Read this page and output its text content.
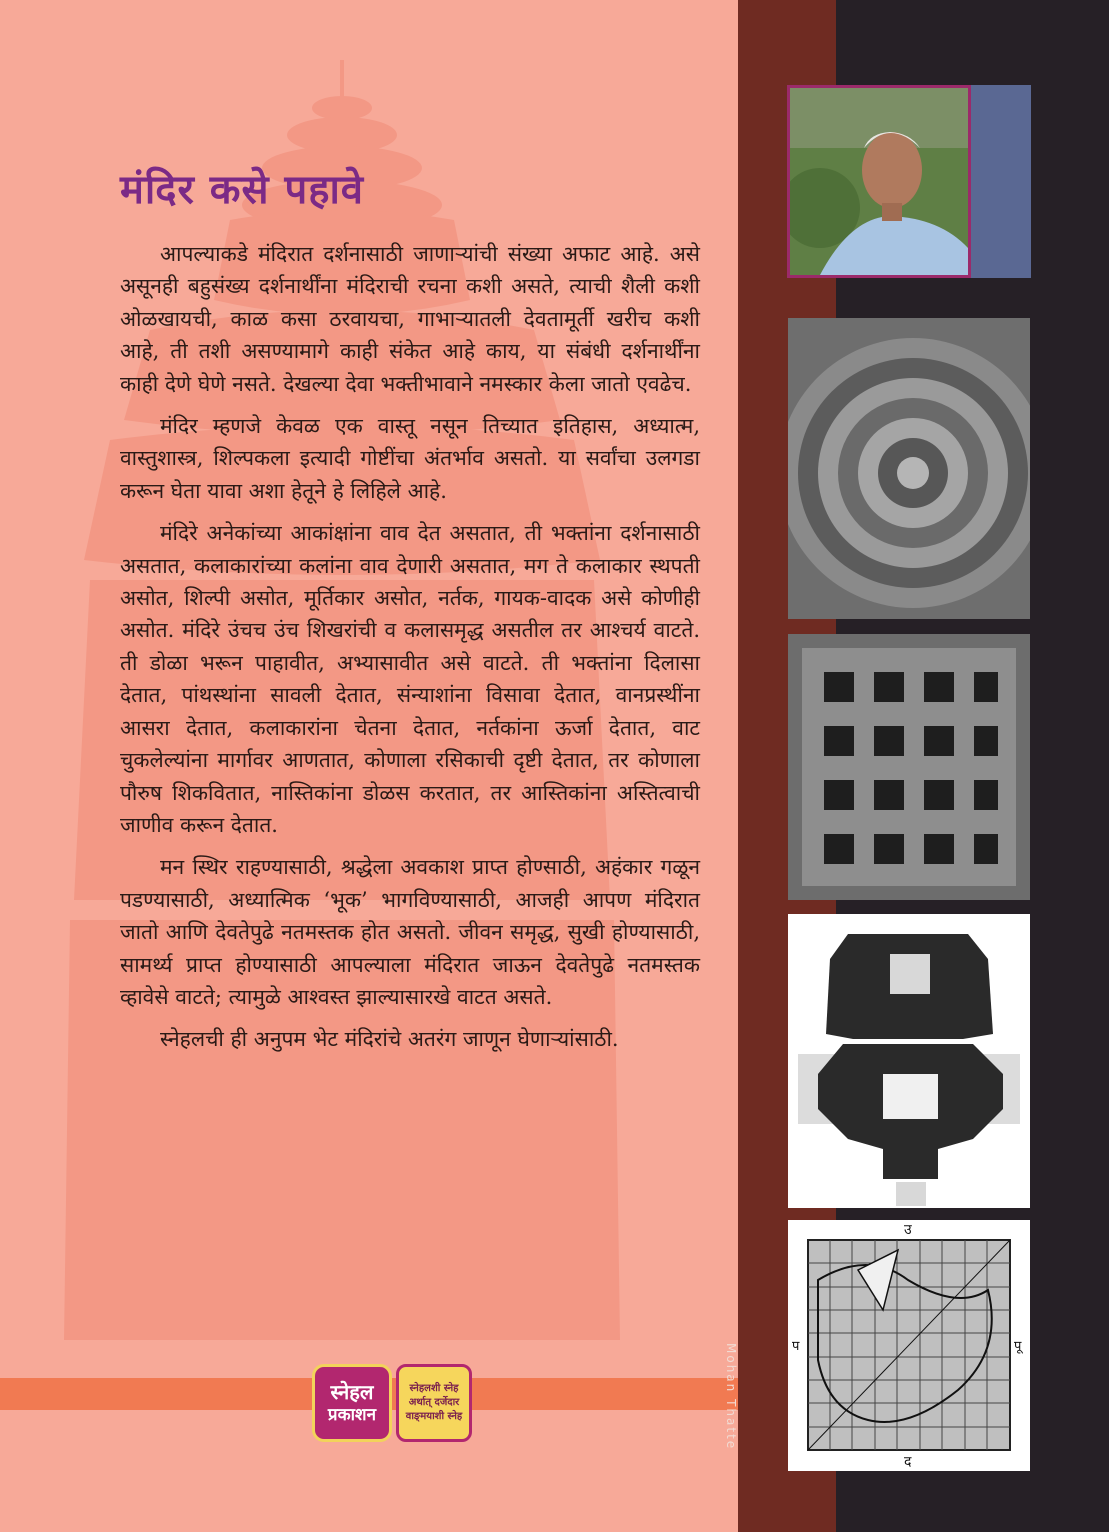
मंदिर कसे पहावे

आपल्याकडे मंदिरात दर्शनासाठी जाणाऱ्यांची संख्या अफाट आहे. असे असूनही बहुसंख्य दर्शनार्थींना मंदिराची रचना कशी असते, त्याची शैली कशी ओळखायची, काळ कसा ठरवायचा, गाभाऱ्यातली देवतामूर्ती खरीच कशी आहे, ती तशी असण्यामागे काही संकेत आहे काय, या संबंधी दर्शनार्थींना काही देणे घेणे नसते. देखल्या देवा भक्तीभावाने नमस्कार केला जातो एवढेच.

मंदिर म्हणजे केवळ एक वास्तू नसून तिच्यात इतिहास, अध्यात्म, वास्तुशास्त्र, शिल्पकला इत्यादी गोष्टींचा अंतर्भाव असतो. या सर्वांचा उलगडा करून घेता यावा अशा हेतूने हे लिहिले आहे.

मंदिरे अनेकांच्या आकांक्षांना वाव देत असतात, ती भक्तांना दर्शनासाठी असतात, कलाकारांच्या कलांना वाव देणारी असतात, मग ते कलाकार स्थपती असोत, शिल्पी असोत, मूर्तिकार असोत, नर्तक, गायक-वादक असे कोणीही असोत. मंदिरे उंचच उंच शिखरांची व कलासमृद्ध असतील तर आश्चर्य वाटते. ती डोळा भरून पाहावीत, अभ्यासावीत असे वाटते. ती भक्तांना दिलासा देतात, पांथस्थांना सावली देतात, संन्याशांना विसावा देतात, वानप्रस्थींना आसरा देतात, कलाकारांना चेतना देतात, नर्तकांना ऊर्जा देतात, वाट चुकलेल्यांना मार्गावर आणतात, कोणाला रसिकाची दृष्टी देतात, तर कोणाला पौरुष शिकवितात, नास्तिकांना डोळस करतात, तर आस्तिकांना अस्तित्वाची जाणीव करून देतात.

मन स्थिर राहण्यासाठी, श्रद्धेला अवकाश प्राप्त होण्साठी, अहंकार गळून पडण्यासाठी, अध्यात्मिक ‘भूक’ भागविण्यासाठी, आजही आपण मंदिरात जातो आणि देवतेपुढे नतमस्तक होत असतो. जीवन समृद्ध, सुखी होण्यासाठी, सामर्थ्य प्राप्त होण्यासाठी आपल्याला मंदिरात जाऊन देवतेपुढे नतमस्तक व्हावेसे वाटते; त्यामुळे आश्वस्त झाल्यासारखे वाटत असते.

स्नेहलची ही अनुपम भेट मंदिरांचे अतरंग जाणून घेणाऱ्यांसाठी.

स्नेहल
प्रकाशन
स्नेहलशी स्नेह
अर्थात् दर्जेदार
वाङ्‌मयाशी स्नेह	Mohan Thatte
उ
द
पू
प
